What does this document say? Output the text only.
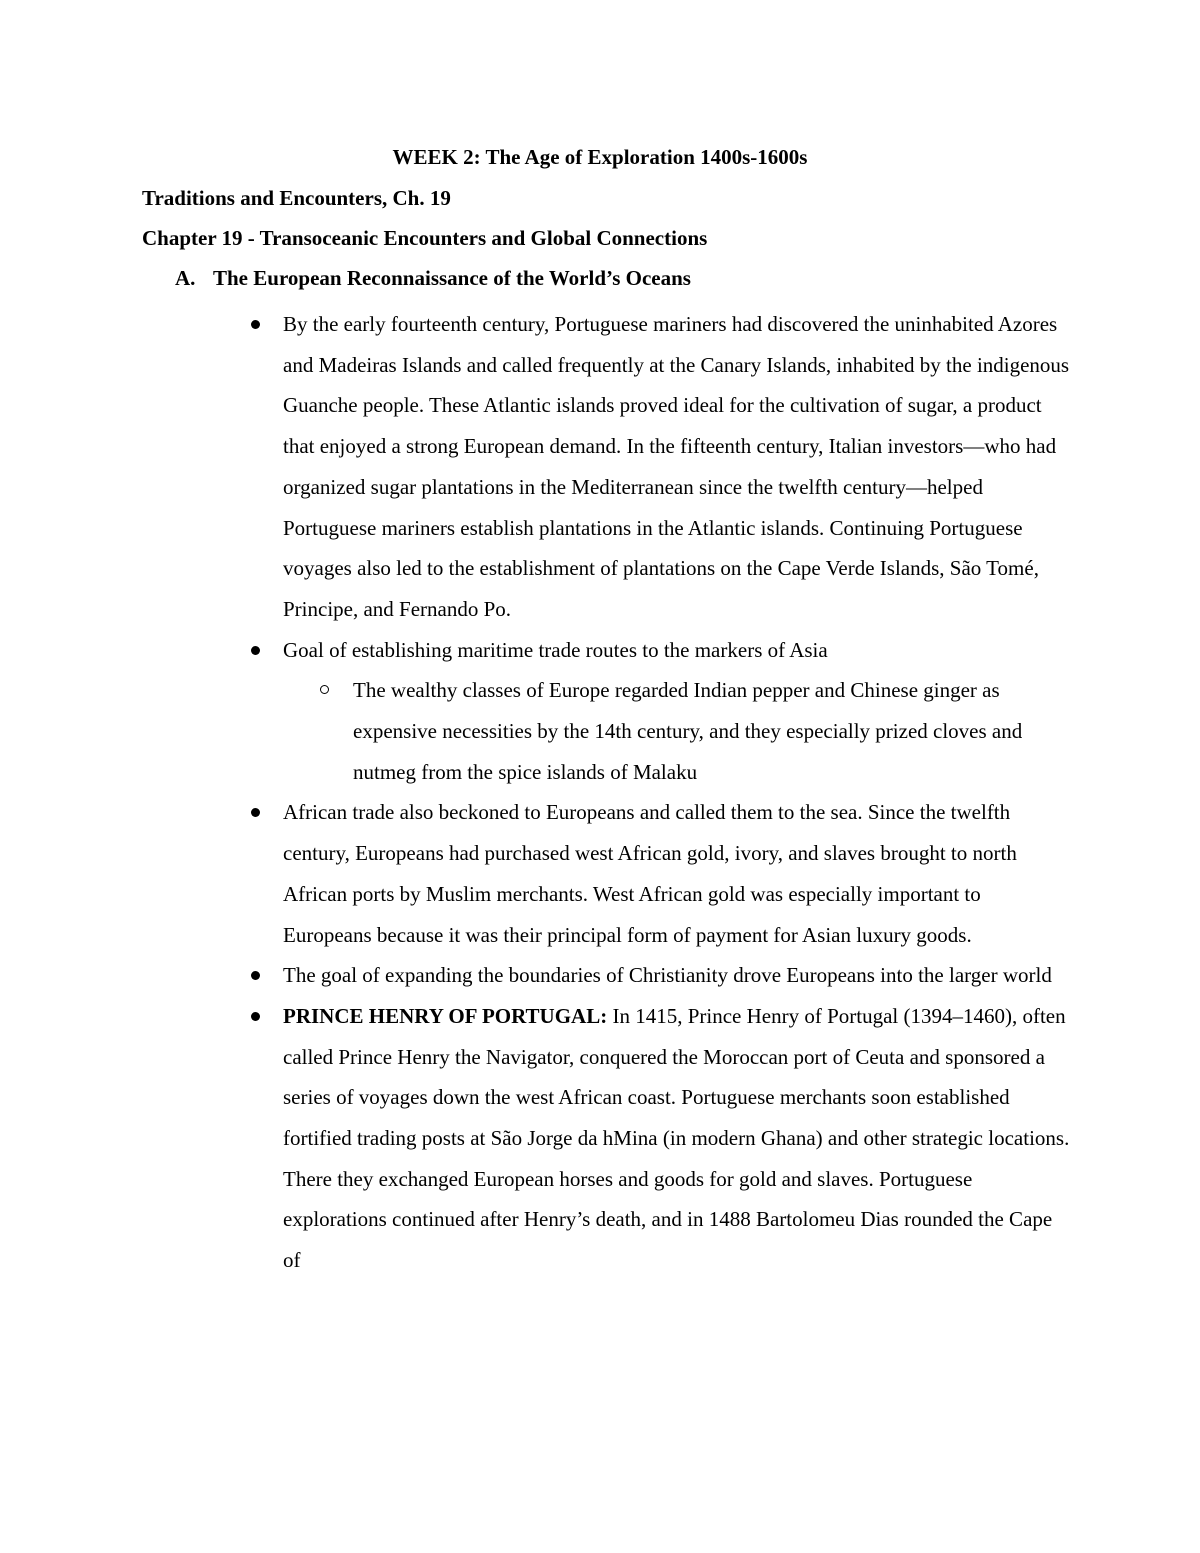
WEEK 2: The Age of Exploration 1400s-1600s
Traditions and Encounters, Ch. 19
Chapter 19 - Transoceanic Encounters and Global Connections
A. The European Reconnaissance of the World’s Oceans
By the early fourteenth century, Portuguese mariners had discovered the uninhabited Azores and Madeiras Islands and called frequently at the Canary Islands, inhabited by the indigenous Guanche people. These Atlantic islands proved ideal for the cultivation of sugar, a product that enjoyed a strong European demand. In the fifteenth century, Italian investors—who had organized sugar plantations in the Mediterranean since the twelfth century—helped Portuguese mariners establish plantations in the Atlantic islands. Continuing Portuguese voyages also led to the establishment of plantations on the Cape Verde Islands, São Tomé, Principe, and Fernando Po.
Goal of establishing maritime trade routes to the markers of Asia
The wealthy classes of Europe regarded Indian pepper and Chinese ginger as expensive necessities by the 14th century, and they especially prized cloves and nutmeg from the spice islands of Malaku
African trade also beckoned to Europeans and called them to the sea. Since the twelfth century, Europeans had purchased west African gold, ivory, and slaves brought to north African ports by Muslim merchants. West African gold was especially important to Europeans because it was their principal form of payment for Asian luxury goods.
The goal of expanding the boundaries of Christianity drove Europeans into the larger world
PRINCE HENRY OF PORTUGAL: In 1415, Prince Henry of Portugal (1394–1460), often called Prince Henry the Navigator, conquered the Moroccan port of Ceuta and sponsored a series of voyages down the west African coast. Portuguese merchants soon established fortified trading posts at São Jorge da hMina (in modern Ghana) and other strategic locations. There they exchanged European horses and goods for gold and slaves. Portuguese explorations continued after Henry’s death, and in 1488 Bartolomeu Dias rounded the Cape of
